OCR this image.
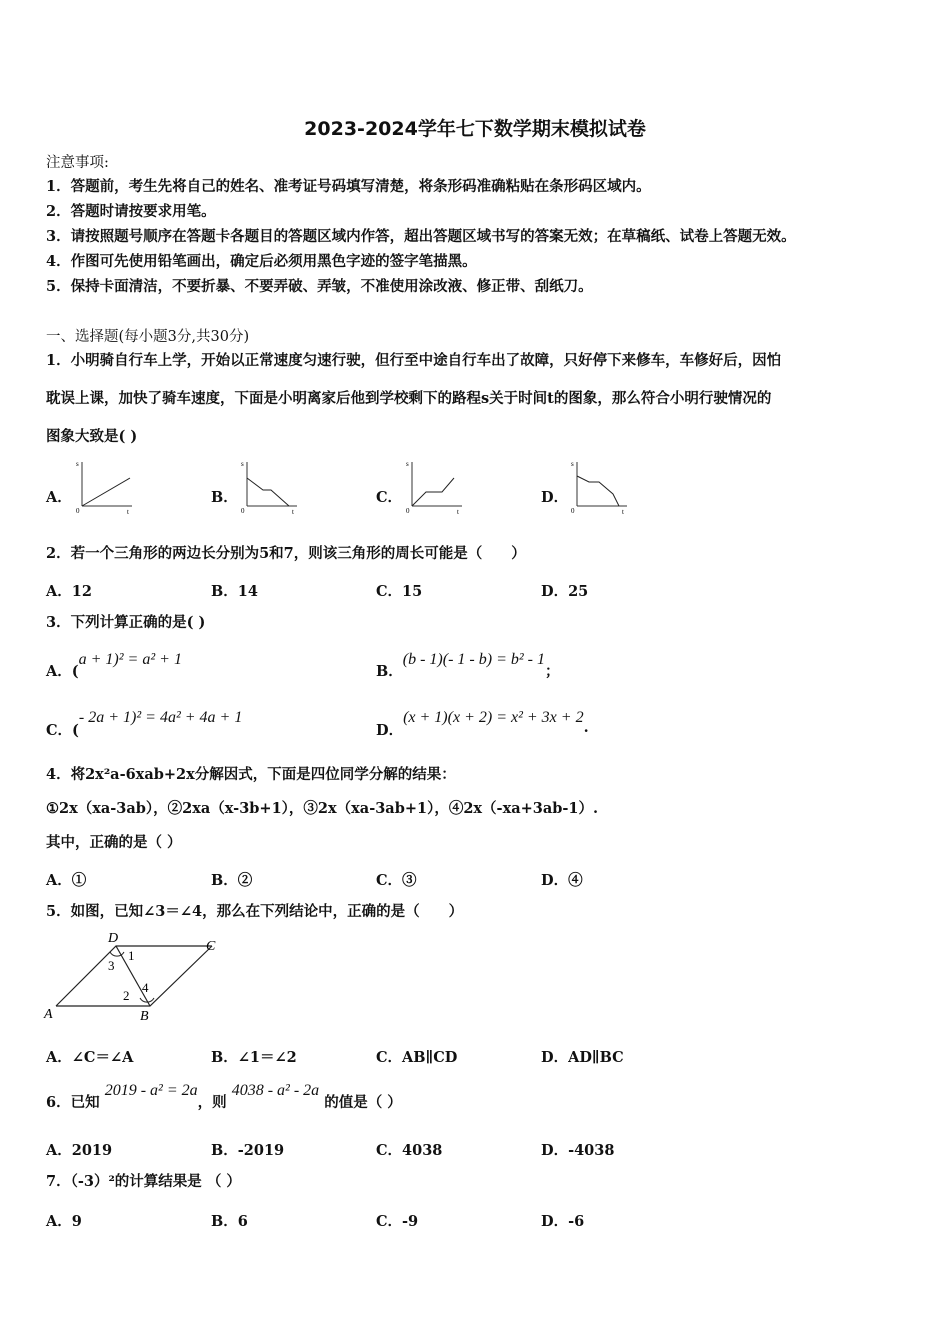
2023-2024学年七下数学期末模拟试卷
注意事项:
1．答题前，考生先将自己的姓名、准考证号码填写清楚，将条形码准确粘贴在条形码区域内。
2．答题时请按要求用笔。
3．请按照题号顺序在答题卡各题目的答题区域内作答，超出答题区域书写的答案无效；在草稿纸、试卷上答题无效。
4．作图可先使用铅笔画出，确定后必须用黑色字迹的签字笔描黑。
5．保持卡面清洁，不要折暴、不要弄破、弄皱，不准使用涂改液、修正带、刮纸刀。
一、选择题(每小题3分,共30分)
1．小明骑自行车上学，开始以正常速度匀速行驶，但行至中途自行车出了故障，只好停下来修车，车修好后，因怕
耽误上课，加快了骑车速度，下面是小明离家后他到学校剩下的路程s关于时间t的图象，那么符合小明行驶情况的
图象大致是( )
A．	B．	C．	D．
s
t
0
s
t
0
s
t
0
s
t
0
2．若一个三角形的两边长分别为5和7，则该三角形的周长可能是（　　）
A．12	B．14	C．15	D．25
3．下列计算正确的是( )
A．(a + 1)² = a² + 1
B．(b - 1)(- 1 - b) = b² - 1；
C．(- 2a + 1)² = 4a² + 4a + 1
D．(x + 1)(x + 2) = x² + 3x + 2.
4．将2x²a-6xab+2x分解因式，下面是四位同学分解的结果：
①2x（xa-3ab），②2xa（x-3b+1），③2x（xa-3ab+1），④2x（-xa+3ab-1）.
其中，正确的是（ ）
A．①	B．②	C．③	D．④
5．如图，已知∠3＝∠4，那么在下列结论中，正确的是（　　）
D
C
A	B
1
3
2
4
A．∠C＝∠A	B．∠1＝∠2	C．AB∥CD	D．AD∥BC
6．已知 2019 - a² = 2a，则 4038 - a² - 2a 的值是（ ）
A．2019	B．-2019	C．4038	D．-4038
7．（-3）²的计算结果是 （ ）
A．9	B．6	C．-9	D．-6
